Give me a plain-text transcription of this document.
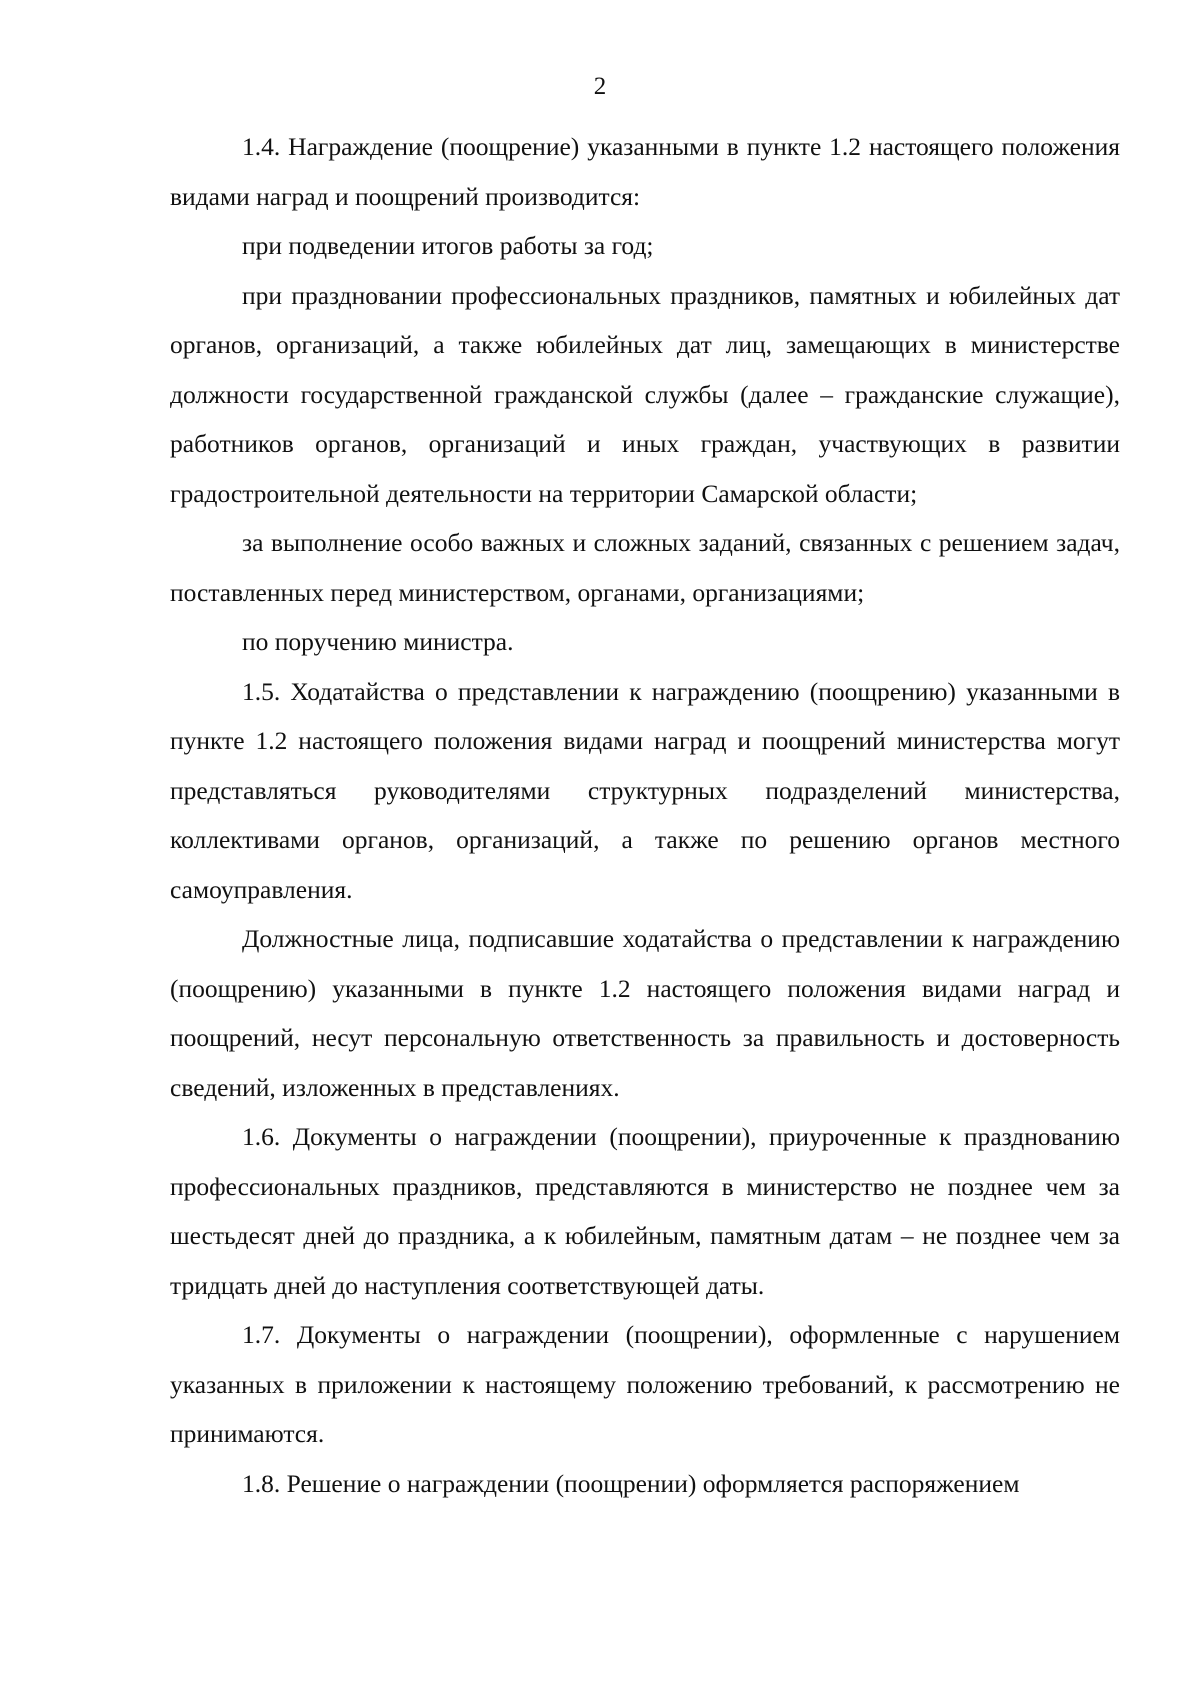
2

1.4. Награждение (поощрение) указанными в пункте 1.2 настоящего положения видами наград и поощрений производится:

при подведении итогов работы за год;

при праздновании профессиональных праздников, памятных и юбилейных дат органов, организаций, а также юбилейных дат лиц, замещающих в министерстве должности государственной гражданской службы (далее – гражданские служащие), работников органов, организаций и иных граждан, участвующих в развитии градостроительной деятельности на территории Самарской области;

за выполнение особо важных и сложных заданий, связанных с решением задач, поставленных перед министерством, органами, организациями;

по поручению министра.

1.5. Ходатайства о представлении к награждению (поощрению) указанными в пункте 1.2 настоящего положения видами наград и поощрений министерства могут представляться руководителями структурных подразделений министерства, коллективами органов, организаций, а также по решению органов местного самоуправления.

Должностные лица, подписавшие ходатайства о представлении к награждению (поощрению) указанными в пункте 1.2 настоящего положения видами наград и поощрений, несут персональную ответственность за правильность и достоверность сведений, изложенных в представлениях.

1.6. Документы о награждении (поощрении), приуроченные к празднованию профессиональных праздников, представляются в министерство не позднее чем за шестьдесят дней до праздника, а к юбилейным, памятным датам – не позднее чем за тридцать дней до наступления соответствующей даты.

1.7. Документы о награждении (поощрении), оформленные с нарушением указанных в приложении к настоящему положению требований, к рассмотрению не принимаются.

1.8. Решение о награждении (поощрении) оформляется распоряжением
